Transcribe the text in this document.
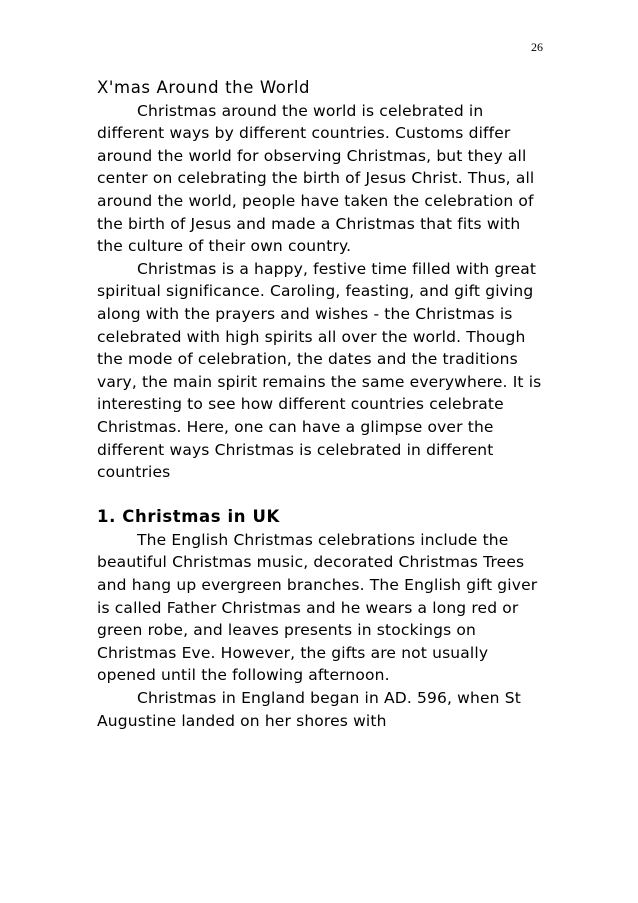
26
X'mas Around the World

Christmas around the world is celebrated in different ways by different countries. Customs differ around the world for observing Christmas, but they all center on celebrating the birth of Jesus Christ. Thus, all around the world, people have taken the celebration of the birth of Jesus and made a Christmas that fits with the culture of their own country.

Christmas is a happy, festive time filled with great spiritual significance. Caroling, feasting, and gift giving along with the prayers and wishes - the Christmas is celebrated with high spirits all over the world. Though the mode of celebration, the dates and the traditions vary, the main spirit remains the same everywhere. It is interesting to see how different countries celebrate Christmas. Here, one can have a glimpse over the different ways Christmas is celebrated in different countries

1. Christmas in UK

The English Christmas celebrations include the beautiful Christmas music, decorated Christmas Trees and hang up evergreen branches. The English gift giver is called Father Christmas and he wears a long red or green robe, and leaves presents in stockings on Christmas Eve. However, the gifts are not usually opened until the following afternoon.

Christmas in England began in AD. 596, when St Augustine landed on her shores with
